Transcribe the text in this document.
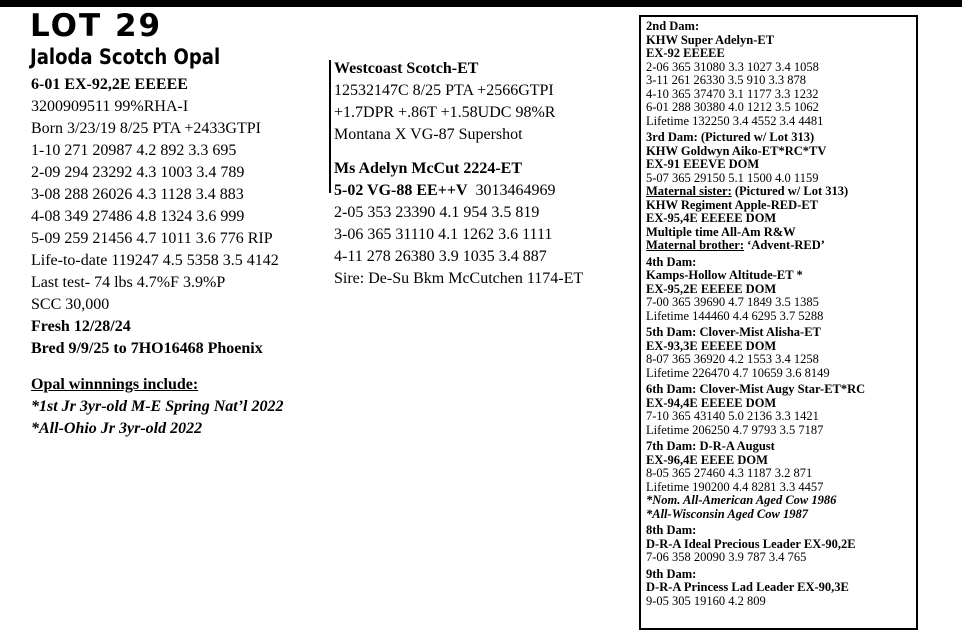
LOT 29
Jaloda Scotch Opal
6-01 EX-92,2E EEEEE
3200909511 99%RHA-I
Born 3/23/19 8/25 PTA +2433GTPI
1-10 271 20987 4.2 892 3.3 695
2-09 294 23292 4.3 1003 3.4 789
3-08 288 26026 4.3 1128 3.4 883
4-08 349 27486 4.8 1324 3.6 999
5-09 259 21456 4.7 1011 3.6 776 RIP
Life-to-date 119247 4.5 5358 3.5 4142
Last test- 74 lbs 4.7%F 3.9%P
SCC 30,000
Fresh 12/28/24
Bred 9/9/25 to 7HO16468 Phoenix
Opal winnnings include:
*1st Jr 3yr-old M-E Spring Nat’l 2022
*All-Ohio Jr 3yr-old 2022
Westcoast Scotch-ET
12532147C 8/25 PTA +2566GTPI
+1.7DPR +.86T +1.58UDC 98%R
Montana X VG-87 Supershot
Ms Adelyn McCut 2224-ET
5-02 VG-88 EE++V 3013464969
2-05 353 23390 4.1 954 3.5 819
3-06 365 31110 4.1 1262 3.6 1111
4-11 278 26380 3.9 1035 3.4 887
Sire: De-Su Bkm McCutchen 1174-ET
2nd Dam:
KHW Super Adelyn-ET
EX-92 EEEEE
2-06 365 31080 3.3 1027 3.4 1058
3-11 261 26330 3.5 910 3.3 878
4-10 365 37470 3.1 1177 3.3 1232
6-01 288 30380 4.0 1212 3.5 1062
Lifetime 132250 3.4 4552 3.4 4481
3rd Dam: (Pictured w/ Lot 313)
KHW Goldwyn Aiko-ET*RC*TV
EX-91 EEEVE DOM
5-07 365 29150 5.1 1500 4.0 1159
Maternal sister: (Pictured w/ Lot 313)
KHW Regiment Apple-RED-ET
EX-95,4E EEEEE DOM
Multiple time All-Am R&W
Maternal brother: ‘Advent-RED’
4th Dam:
Kamps-Hollow Altitude-ET *
EX-95,2E EEEEE DOM
7-00 365 39690 4.7 1849 3.5 1385
Lifetime 144460 4.4 6295 3.7 5288
5th Dam: Clover-Mist Alisha-ET
EX-93,3E EEEEE DOM
8-07 365 36920 4.2 1553 3.4 1258
Lifetime 226470 4.7 10659 3.6 8149
6th Dam: Clover-Mist Augy Star-ET*RC
EX-94,4E EEEEE DOM
7-10 365 43140 5.0 2136 3.3 1421
Lifetime 206250 4.7 9793 3.5 7187
7th Dam: D-R-A August
EX-96,4E EEEE DOM
8-05 365 27460 4.3 1187 3.2 871
Lifetime 190200 4.4 8281 3.3 4457
*Nom. All-American Aged Cow 1986
*All-Wisconsin Aged Cow 1987
8th Dam:
D-R-A Ideal Precious Leader EX-90,2E
7-06 358 20090 3.9 787 3.4 765
9th Dam:
D-R-A Princess Lad Leader EX-90,3E
9-05 305 19160 4.2 809
